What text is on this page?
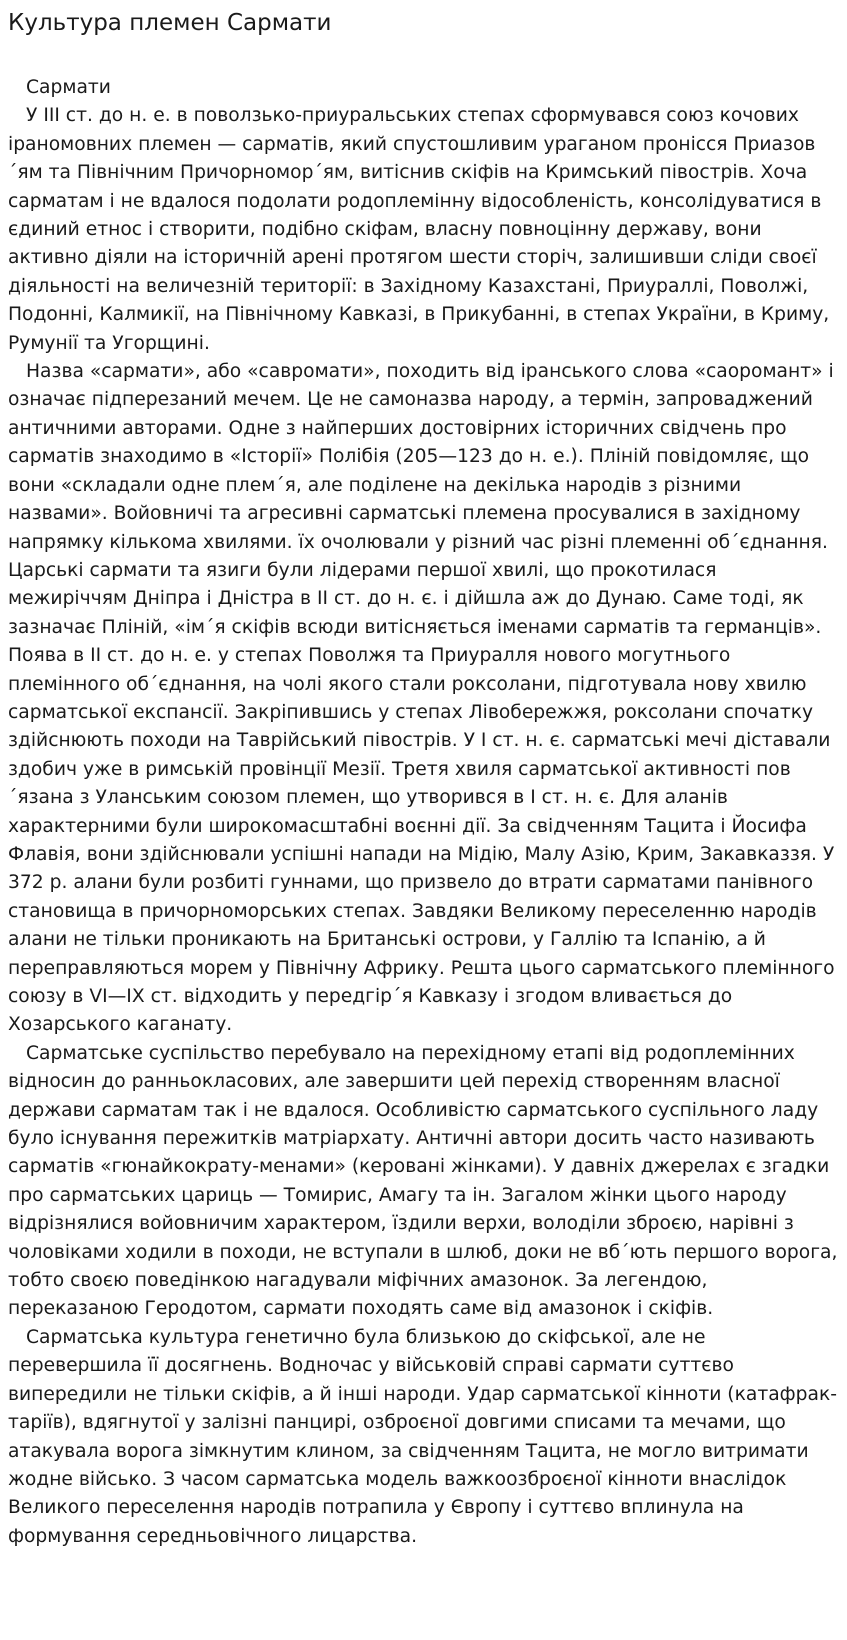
Культура племен Сармати

Сармати

У III ст. до н. е. в поволзько-приуральських степах сформувався союз кочових іраномовних племен — сарматів, який спустошливим ураганом пронісся Приазов´ям та Північним Причорномор´ям, витіснив скіфів на Кримський півострів. Хоча сарматам і не вдалося подолати родоплемінну відособленість, консолідуватися в єдиний етнос і створити, подібно скіфам, власну повноцінну державу, вони активно діяли на історичній арені протягом шести сторіч, залишивши сліди своєї діяльності на величезній території: в Західному Казахстані, Приураллі, Поволжі, Подонні, Калмикії, на Північному Кавказі, в Прикубанні, в степах України, в Криму, Румунії та Угорщині.

Назва «сармати», або «савромати», походить від іранського слова «саоромант» і означає підперезаний мечем. Це не самоназва народу, а термін, запроваджений античними авторами. Одне з найперших достовірних історичних свідчень про сарматів знаходимо в «Історії» Полібія (205—123 до н. е.). Пліній повідомляє, що вони «складали одне плем´я, але поділене на декілька народів з різними назвами». Войовничі та агресивні сарматські племена просувалися в західному напрямку кількома хвилями. їх очолювали у різний час різні племенні об´єднання. Царські сармати та язиги були лідерами першої хвилі, що прокотилася межиріччям Дніпра і Дністра в II ст. до н. є. і дійшла аж до Дунаю. Саме тоді, як зазначає Пліній, «ім´я скіфів всюди витісняється іменами сарматів та германців». Поява в II ст. до н. е. у степах Поволжя та Приуралля нового могутнього племінного об´єднання, на чолі якого стали роксолани, підготувала нову хвилю сарматської експансії. Закріпившись у степах Лівобережжя, роксолани спочатку здійснюють походи на Таврійський півострів. У І ст. н. є. сарматські мечі діставали здобич уже в римській провінції Мезії. Третя хвиля сарматської активності пов´язана з Уланським союзом племен, що утворився в І ст. н. є. Для аланів характерними були широкомасштабні воєнні дії. За свідченням Тацита і Йосифа Флавія, вони здійснювали успішні напади на Мідію, Малу Азію, Крим, Закавказзя. У 372 р. алани були розбиті гуннами, що призвело до втрати сарматами панівного становища в причорноморських степах. Завдяки Великому переселенню народів алани не тільки проникають на Британські острови, у Галлію та Іспанію, а й переправляються морем у Північну Африку. Решта цього сарматського племінного союзу в VI—IX ст. відходить у передгір´я Кавказу і згодом вливається до Хозарського каганату.

Сарматське суспільство перебувало на перехідному етапі від родоплемінних відносин до ранньокласових, але завершити цей перехід створенням власної держави сарматам так і не вдалося. Особливістю сарматського суспільного ладу було існування пережитків матріархату. Античні автори досить часто називають сарматів «гюнайкократу-менами» (керовані жінками). У давніх джерелах є згадки про сарматських цариць — Томирис, Амагу та ін. Загалом жінки цього народу відрізнялися войовничим характером, їздили верхи, володіли зброєю, нарівні з чоловіками ходили в походи, не вступали в шлюб, доки не вб´ють першого ворога, тобто своєю поведінкою нагадували міфічних амазонок. За легендою, переказаною Геродотом, сармати походять саме від амазонок і скіфів.

Сарматська культура генетично була близькою до скіфської, але не перевершила її досягнень. Водночас у військовій справі сармати суттєво випередили не тільки скіфів, а й інші народи. Удар сарматської кінноти (катафрак-таріїв), вдягнутої у залізні панцирі, озброєної довгими списами та мечами, що атакувала ворога зімкнутим клином, за свідченням Тацита, не могло витримати жодне військо. З часом сарматська модель важкоозброєної кінноти внаслідок Великого переселення народів потрапила у Європу і суттєво вплинула на формування середньовічного лицарства.
